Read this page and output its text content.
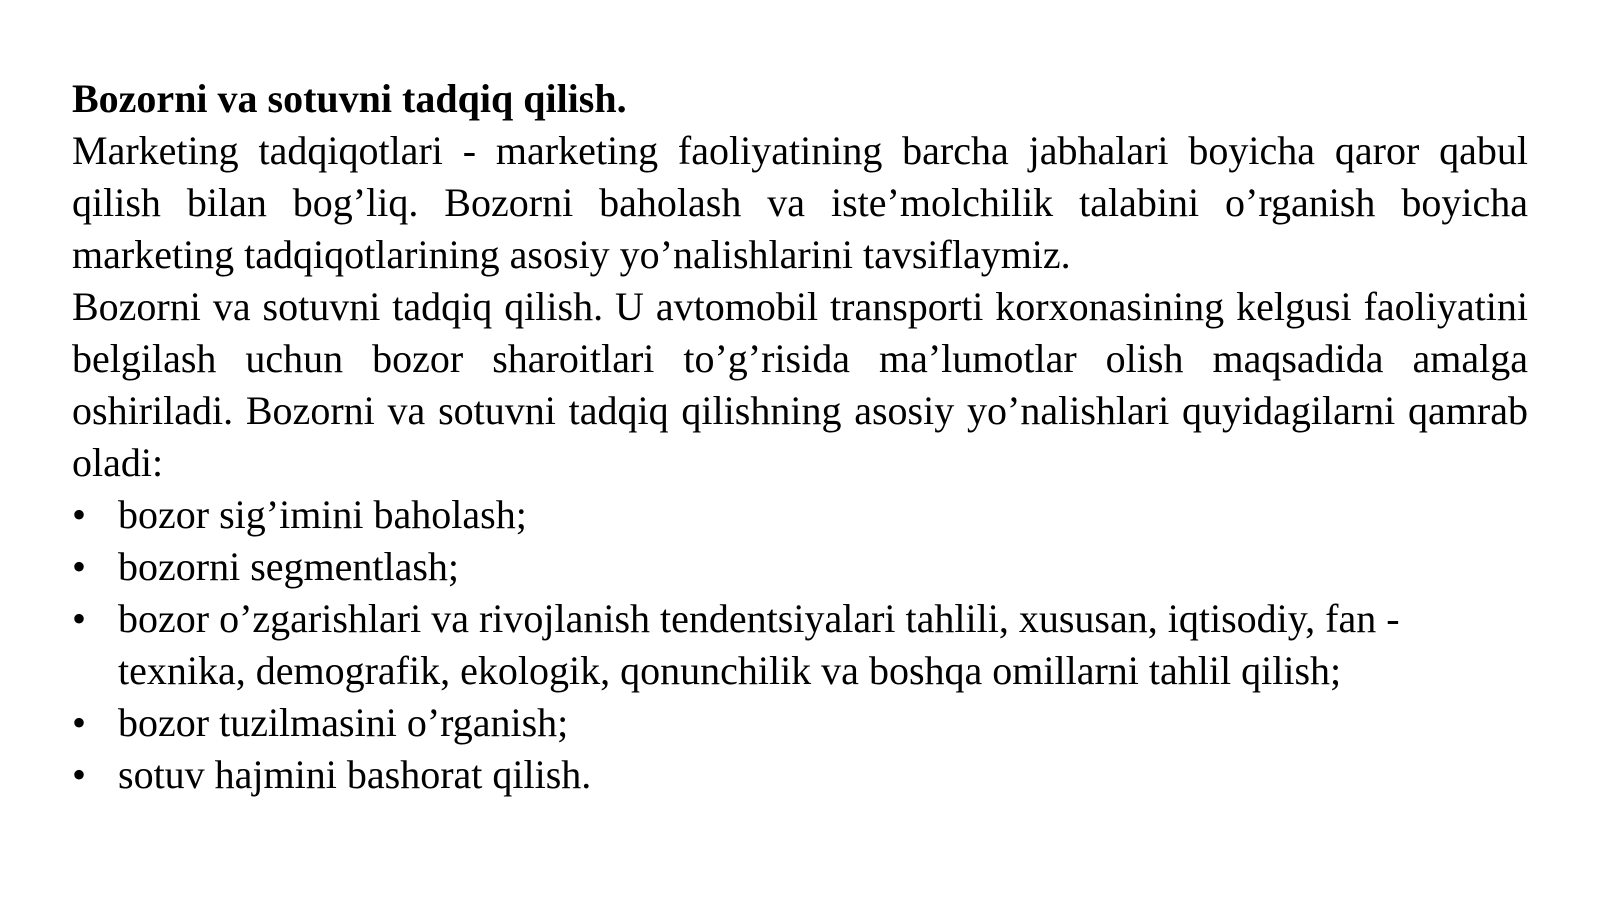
Bozorni va sotuvni tadqiq qilish.

Marketing tadqiqotlari - marketing faoliyatining barcha jabhalari boyicha qaror qabul qilish bilan bog’liq. Bozorni baholash va iste’molchilik talabini o’rganish boyicha marketing tadqiqotlarining asosiy yo’nalishlarini tavsiflaymiz.

Bozorni va sotuvni tadqiq qilish. U avtomobil transporti korxonasining kelgusi faoliyatini belgilash uchun bozor sharoitlari to’g’risida ma’lumotlar olish maqsadida amalga oshiriladi. Bozorni va sotuvni tadqiq qilishning asosiy yo’nalishlari quyidagilarni qamrab oladi:

• bozor sig’imini baholash;
• bozorni segmentlash;
• bozor o’zgarishlari va rivojlanish tendentsiyalari tahlili, xususan, iqtisodiy, fan - texnika, demografik, ekologik, qonunchilik va boshqa omillarni tahlil qilish;
• bozor tuzilmasini o’rganish;
• sotuv hajmini bashorat qilish.
